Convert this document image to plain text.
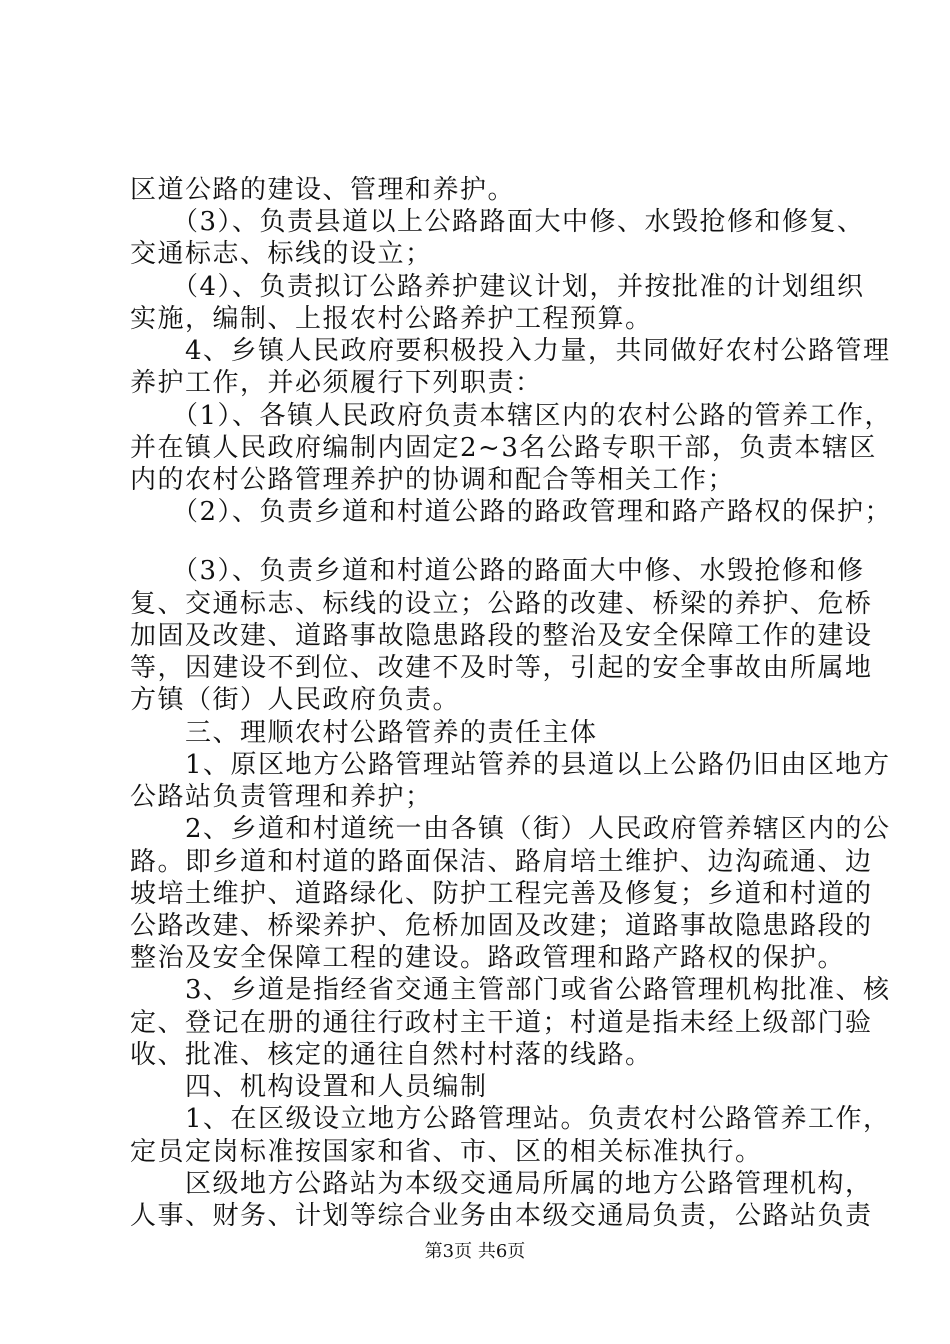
区道公路的建设、管理和养护。
　　（3）、负责县道以上公路路面大中修、水毁抢修和修复、
交通标志、标线的设立；
　　（4）、负责拟订公路养护建议计划，并按批准的计划组织
实施，编制、上报农村公路养护工程预算。
　　4、乡镇人民政府要积极投入力量，共同做好农村公路管理
养护工作，并必须履行下列职责：
　　（1）、各镇人民政府负责本辖区内的农村公路的管养工作，
并在镇人民政府编制内固定2~3名公路专职干部，负责本辖区
内的农村公路管理养护的协调和配合等相关工作；
　　（2）、负责乡道和村道公路的路政管理和路产路权的保护；
　　（3）、负责乡道和村道公路的路面大中修、水毁抢修和修
复、交通标志、标线的设立；公路的改建、桥梁的养护、危桥
加固及改建、道路事故隐患路段的整治及安全保障工作的建设
等，因建设不到位、改建不及时等，引起的安全事故由所属地
方镇（街）人民政府负责。
　　三、理顺农村公路管养的责任主体
　　1、原区地方公路管理站管养的县道以上公路仍旧由区地方
公路站负责管理和养护；
　　2、乡道和村道统一由各镇（街）人民政府管养辖区内的公
路。即乡道和村道的路面保洁、路肩培土维护、边沟疏通、边
坡培土维护、道路绿化、防护工程完善及修复；乡道和村道的
公路改建、桥梁养护、危桥加固及改建；道路事故隐患路段的
整治及安全保障工程的建设。路政管理和路产路权的保护。
　　3、乡道是指经省交通主管部门或省公路管理机构批准、核
定、登记在册的通往行政村主干道；村道是指未经上级部门验
收、批准、核定的通往自然村村落的线路。
　　四、机构设置和人员编制
　　1、在区级设立地方公路管理站。负责农村公路管养工作，
定员定岗标准按国家和省、市、区的相关标准执行。
　　区级地方公路站为本级交通局所属的地方公路管理机构，
人事、财务、计划等综合业务由本级交通局负责，公路站负责
第3页 共6页
